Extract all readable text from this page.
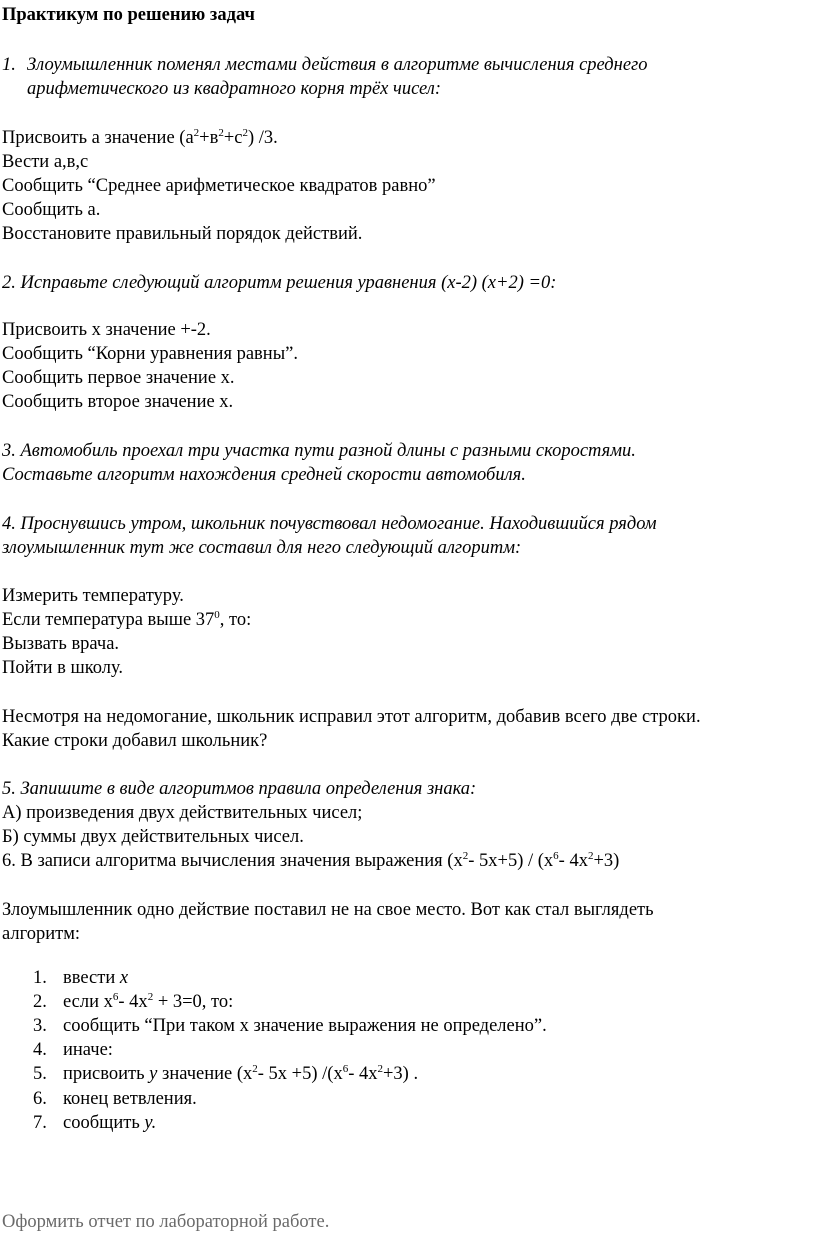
Практикум по решению задач
1. Злоумышленник поменял местами действия в алгоритме вычисления среднего
арифметического из квадратного корня трёх чисел:
Присвоить а значение $(а^2+в^2+с^2)$ /3.
Вести а,в,с
Сообщить “Среднее арифметическое квадратов равно”
Сообщить а.
Восстановите правильный порядок действий.
2. Исправьте следующий алгоритм решения уравнения (х-2) (х+2) =0:
Присвоить х значение +-2.
Сообщить “Корни уравнения равны”.
Сообщить первое значение х.
Сообщить второе значение х.
3. Автомобиль проехал три участка пути разной длины с разными скоростями.
Составьте алгоритм нахождения средней скорости автомобиля.
4. Проснувшись утром, школьник почувствовал недомогание. Находившийся рядом
злоумышленник тут же составил для него следующий алгоритм:
Измерить температуру.
Если температура выше $37^0$, то:
Вызвать врача.
Пойти в школу.
Несмотря на недомогание, школьник исправил этот алгоритм, добавив всего две строки.
Какие строки добавил школьник?
5. Запишите в виде алгоритмов правила определения знака:
А) произведения двух действительных чисел;
Б) суммы двух действительных чисел.
6. В записи алгоритма вычисления значения выражения ($х^2-$ $5х+5) / (х^6-$ $4х^2+3$)
Злоумышленник одно действие поставил не на свое место. Вот как стал выглядеть
алгоритм:
1. ввести x
2. если $х^6-$ $4х^2 + 3=0$, то:
3. сообщить “При таком х значение выражения не определено”.
4. иначе:
5. присвоить y значение ($х^2-$ 5х +5) $/(х^6-$ $4х^2+3$) .
6. конец ветвления.
7. сообщить y.
Оформить отчет по лабораторной работе.
